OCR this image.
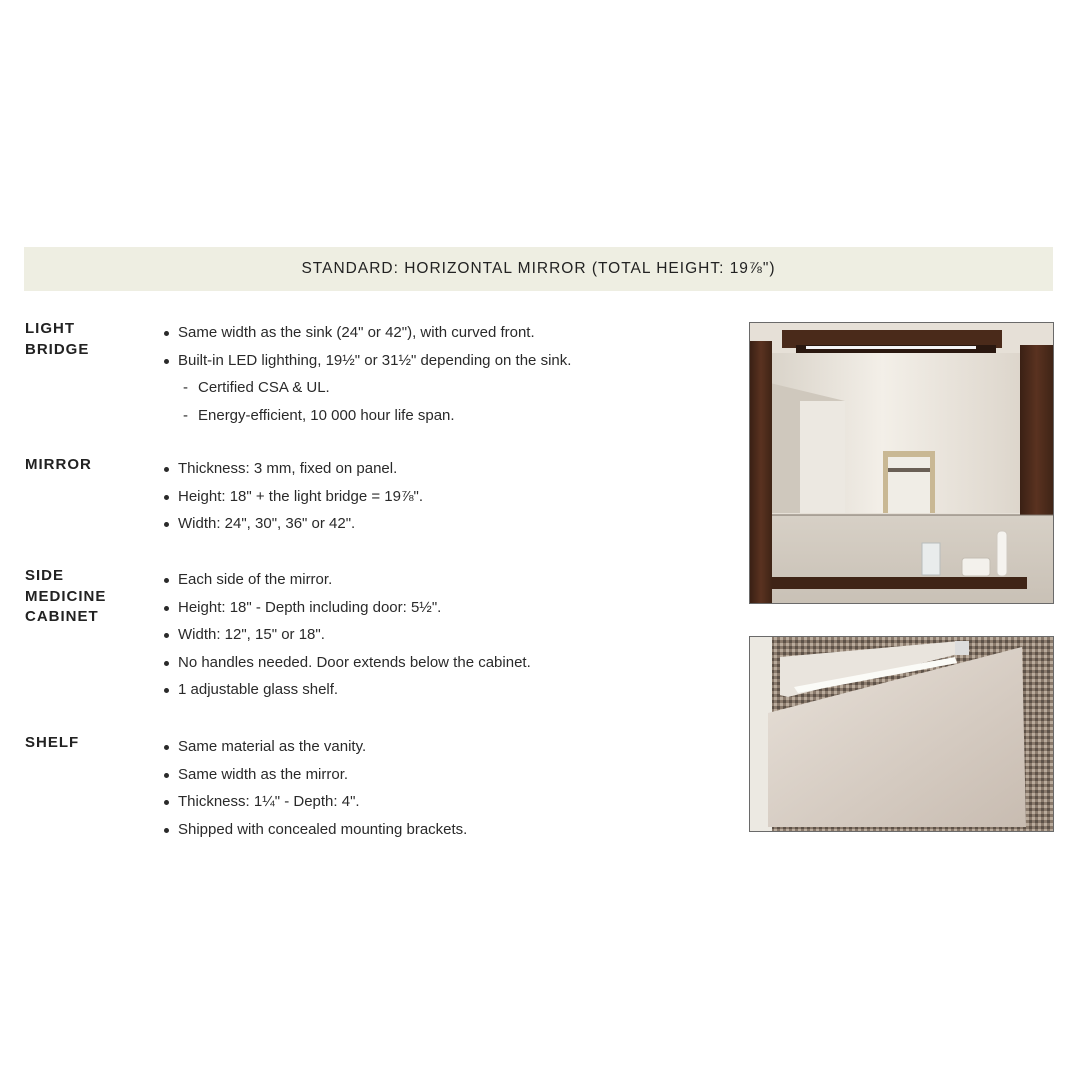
STANDARD: HORIZONTAL MIRROR (TOTAL HEIGHT: 19⅞")
LIGHT
BRIDGE
Same width as the sink (24" or 42"), with curved front.
Built-in LED lighthing, 19½" or 31½" depending on the sink.
- Certified CSA & UL.
- Energy-efficient, 10 000 hour life span.
MIRROR	Thickness: 3 mm, fixed on panel.
Height: 18" + the light bridge = 19⅞".
Width: 24", 30", 36" or 42".
SIDE
MEDICINE
CABINET
Each side of the mirror.
Height: 18" - Depth including door: 5½".
Width: 12", 15" or 18".
No handles needed. Door extends below the cabinet.
1 adjustable glass shelf.
SHELF	Same material as the vanity.
Same width as the mirror.
Thickness: 1¼" - Depth: 4".
Shipped with concealed mounting brackets.
